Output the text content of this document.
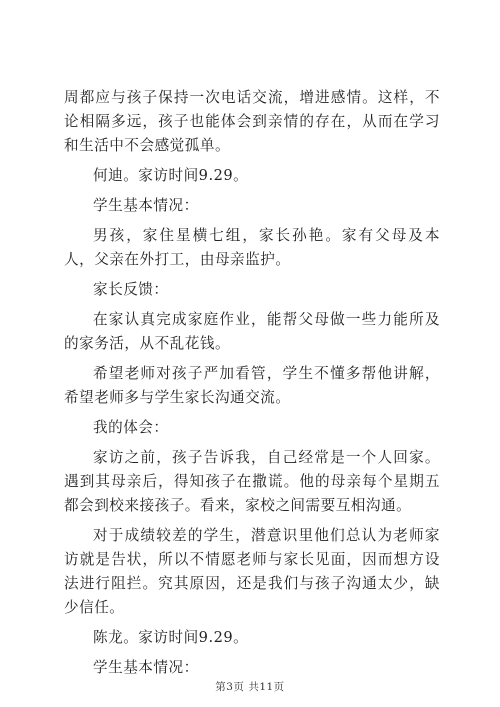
周都应与孩子保持一次电话交流，增进感情。这样，不论相隔多远，孩子也能体会到亲情的存在，从而在学习和生活中不会感觉孤单。

何迪。家访时间9.29。

学生基本情况：

男孩，家住星横七组，家长孙艳。家有父母及本人，父亲在外打工，由母亲监护。

家长反馈：

在家认真完成家庭作业，能帮父母做一些力能所及的家务活，从不乱花钱。

希望老师对孩子严加看管，学生不懂多帮他讲解，希望老师多与学生家长沟通交流。

我的体会：

家访之前，孩子告诉我，自己经常是一个人回家。遇到其母亲后，得知孩子在撒谎。他的母亲每个星期五都会到校来接孩子。看来，家校之间需要互相沟通。

对于成绩较差的学生，潜意识里他们总认为老师家访就是告状，所以不情愿老师与家长见面，因而想方设法进行阻拦。究其原因，还是我们与孩子沟通太少，缺少信任。

陈龙。家访时间9.29。

学生基本情况：

第3页 共11页
